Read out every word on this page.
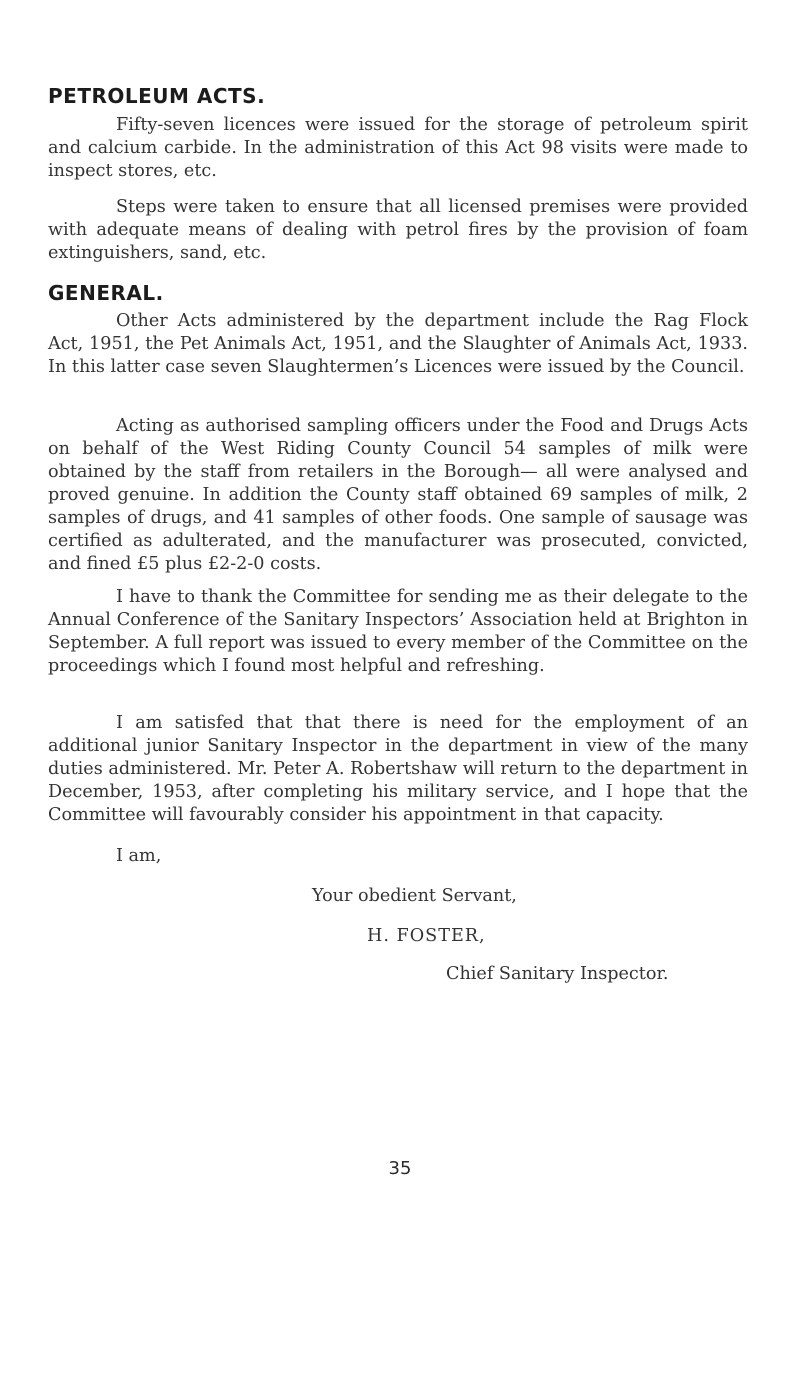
PETROLEUM ACTS.

Fifty-seven licences were issued for the storage of petroleum spirit and calcium carbide. In the administration of this Act 98 visits were made to inspect stores, etc.

Steps were taken to ensure that all licensed premises were provided with adequate means of dealing with petrol fires by the provision of foam extinguishers, sand, etc.

GENERAL.

Other Acts administered by the department include the Rag Flock Act, 1951, the Pet Animals Act, 1951, and the Slaughter of Animals Act, 1933. In this latter case seven Slaughtermen’s Licences were issued by the Council.

Acting as authorised sampling officers under the Food and Drugs Acts on behalf of the West Riding County Council 54 samples of milk were obtained by the staff from retailers in the Borough— all were analysed and proved genuine. In addition the County staff obtained 69 samples of milk, 2 samples of drugs, and 41 samples of other foods. One sample of sausage was certified as adulterated, and the manufacturer was prosecuted, convicted, and fined £5 plus £2-2-0 costs.

I have to thank the Committee for sending me as their delegate to the Annual Conference of the Sanitary Inspectors’ Association held at Brighton in September. A full report was issued to every member of the Committee on the proceedings which I found most helpful and refreshing.

I am satisfed that that there is need for the employment of an additional junior Sanitary Inspector in the department in view of the many duties administered. Mr. Peter A. Robertshaw will return to the department in December, 1953, after completing his military service, and I hope that the Committee will favourably consider his appointment in that capacity.

I am,

Your obedient Servant,

H. FOSTER,

Chief Sanitary Inspector.

35
